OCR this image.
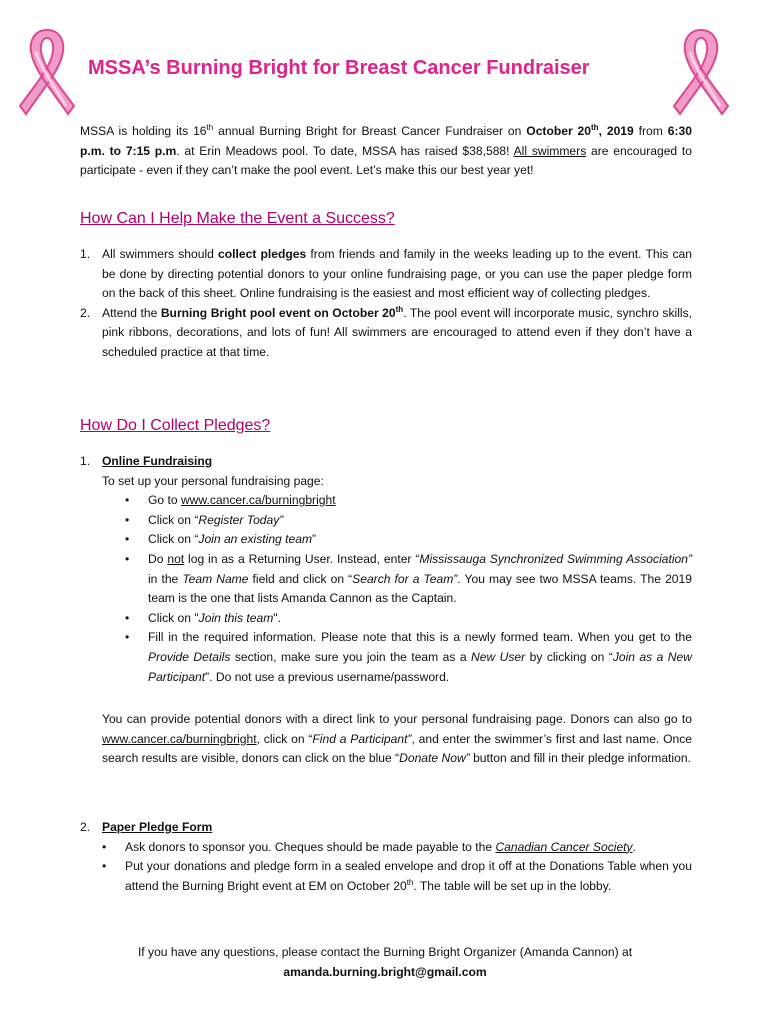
MSSA’s Burning Bright for Breast Cancer Fundraiser

MSSA is holding its 16th annual Burning Bright for Breast Cancer Fundraiser on October 20th, 2019 from 6:30 p.m. to 7:15 p.m. at Erin Meadows pool. To date, MSSA has raised $38,588! All swimmers are encouraged to participate - even if they can’t make the pool event. Let’s make this our best year yet!

How Can I Help Make the Event a Success?
1. All swimmers should collect pledges from friends and family in the weeks leading up to the event. This can be done by directing potential donors to your online fundraising page, or you can use the paper pledge form on the back of this sheet. Online fundraising is the easiest and most efficient way of collecting pledges.
2. Attend the Burning Bright pool event on October 20th. The pool event will incorporate music, synchro skills, pink ribbons, decorations, and lots of fun! All swimmers are encouraged to attend even if they don’t have a scheduled practice at that time.
How Do I Collect Pledges?
1. Online Fundraising
To set up your personal fundraising page:
• Go to www.cancer.ca/burningbright
• Click on “Register Today”
• Click on “Join an existing team”
• Do not log in as a Returning User. Instead, enter “Mississauga Synchronized Swimming Association” in the Team Name field and click on “Search for a Team”. You may see two MSSA teams. The 2019 team is the one that lists Amanda Cannon as the Captain.
• Click on "Join this team".
• Fill in the required information. Please note that this is a newly formed team. When you get to the Provide Details section, make sure you join the team as a New User by clicking on “Join as a New Participant”. Do not use a previous username/password.

You can provide potential donors with a direct link to your personal fundraising page. Donors can also go to www.cancer.ca/burningbright, click on “Find a Participant”, and enter the swimmer’s first and last name. Once search results are visible, donors can click on the blue “Donate Now” button and fill in their pledge information.

2. Paper Pledge Form
• Ask donors to sponsor you. Cheques should be made payable to the Canadian Cancer Society.
• Put your donations and pledge form in a sealed envelope and drop it off at the Donations Table when you attend the Burning Bright event at EM on October 20th. The table will be set up in the lobby.
If you have any questions, please contact the Burning Bright Organizer (Amanda Cannon) at
amanda.burning.bright@gmail.com
